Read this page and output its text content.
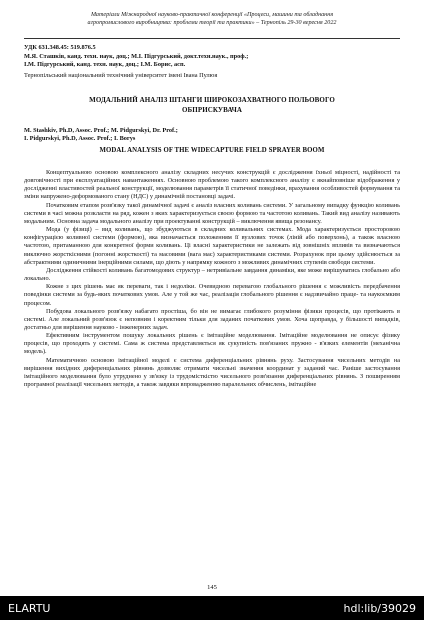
Матеріали Міжнародної науково-практичної конференції «Процеси, машини та обладнання
агропромислового виробництва: проблеми теорії та практики» – Тернопіль 29-30 вересня 2022
УДК 631.348.45: 519.876.5
М.Я. Сташків, канд. техн. наук, доц.; М.І. Підгурський, докт.техн.наук., проф.;
І.М. Підгурський, канд. техн. наук, доц.; І.М. Борис, асп.
Тернопільський національний технічний університет імені Івана Пулюя
МОДАЛЬНИЙ АНАЛІЗ ШТАНГИ ШИРОКОЗАХВАТНОГО ПОЛЬОВОГО
ОБПРИСКУВАЧА
M. Stashkiv, Ph.D, Assoc. Prof.; M. Pidgurskyi, Dr. Prof.;
I. Pidgurskyi, Ph.D, Assoc. Prof.; I. Borys
MODAL ANALYSIS OF THE WIDECAPTURE FIELD SPRAYER BOOM

Концептуальною основою комплексного аналізу складних несучих конструкцій є дослідження їхньої міцності, надійності та довговічності при експлуатаційних навантаженнях. Основною проблемою такого комплексного аналізу є якнайповніше відображення у дослідженні властивостей реальної конструкції, моделювання параметрів її статичної поведінки, врахування особливостей формування та зміни напружено-деформованого стану (НДС) у динамічній постановці задачі.

Початковим етапом розв'язку такої динамічної задачі є аналіз власних коливань системи. У загальному випадку функцію коливань системи в часі можна розкласти на ряд, кожен з яких характеризується своєю формою та частотою коливань. Такий вид аналізу називають модальним. Основна задача модального аналізу при проектуванні конструкцій – виключення явища резонансу.

Мода (у фізиці) – вид коливань, що збуджуються в складних коливальних системах. Мода характеризується просторовою конфігурацією коливної системи (формою), яка визначається положенням її вузлових точок (ліній або поверхонь), а також власною частотою, притаманною для конкретної форми коливань. Ці власні характеристики не залежать від зовнішніх впливів та визначаються виключно жорсткісними (погонні жорсткості) та масовими (вага мас) характеристиками системи. Розрахунок при цьому здійснюється за абстрактними одиничними інерційними силами, що діють у напрямку кожного з можливих динамічних ступенів свободи системи.

Дослідження стійкості коливань багатомодових структур – нетривіальне завдання динаміки, яке може вирішуватись глобально або локально.

Кожне з цих рішень має як переваги, так і недоліки. Очевидною перевагою глобального рішення є можливість передбачення поведінки системи за будь-яких початкових умов. Але у той же час, реалізація глобального рішення є надзвичайно праце- та наукоємким процесом.

Побудова локального розв'язку набагато простіша, бо він не вимагає глибокого розуміння фізики процесів, що протікають в системі. Але локальний розв'язок є неповним і коректним тільки для заданих початкових умов. Хоча щоправда, у більшості випадків, достатньо для вирішення науково - інженерних задач.

Ефективним інструментом пошуку локальних рішень є імітаційне моделювання. Імітаційне моделювання не описує фізику процесів, що проходять у системі. Сама ж система представляється як сукупність пов'язаних пружно - в'язких елементів (механічна модель).

Математичною основою імітаційної моделі є система диференціальних рівнянь руху. Застосування чисельних методів на вирішення вихідних диференціальних рівнянь дозволяє отримати чисельні значення координат у заданий час. Раніше застосування імітаційного моделювання було утруднено у зв'язку із трудомісткістю чисельного розв'язання диференціальних рівнянь. З поширенням програмної реалізації чисельних методів, а також завдяки впровадженню паралельних обчислень, імітаційне

145
ELARTU	hdl:lib/39029
